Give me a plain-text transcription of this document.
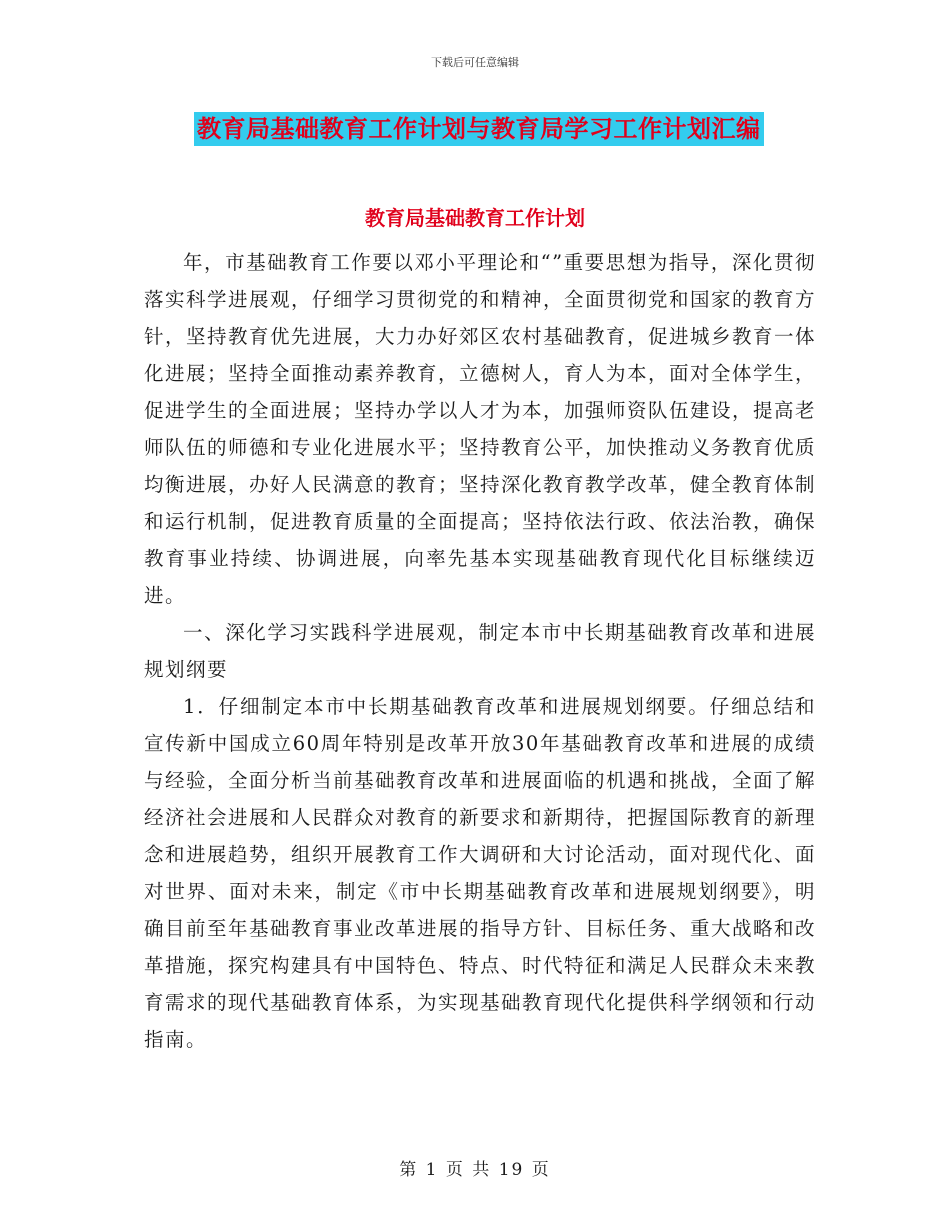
下载后可任意编辑
教育局基础教育工作计划与教育局学习工作计划汇编
教育局基础教育工作计划

年，市基础教育工作要以邓小平理论和“”重要思想为指导，深化贯彻落实科学进展观，仔细学习贯彻党的和精神，全面贯彻党和国家的教育方针，坚持教育优先进展，大力办好郊区农村基础教育，促进城乡教育一体化进展；坚持全面推动素养教育，立德树人，育人为本，面对全体学生，促进学生的全面进展；坚持办学以人才为本，加强师资队伍建设，提高老师队伍的师德和专业化进展水平；坚持教育公平，加快推动义务教育优质均衡进展，办好人民满意的教育；坚持深化教育教学改革，健全教育体制和运行机制，促进教育质量的全面提高；坚持依法行政、依法治教，确保教育事业持续、协调进展，向率先基本实现基础教育现代化目标继续迈进。

一、深化学习实践科学进展观，制定本市中长期基础教育改革和进展规划纲要

1．仔细制定本市中长期基础教育改革和进展规划纲要。仔细总结和宣传新中国成立60周年特别是改革开放30年基础教育改革和进展的成绩与经验，全面分析当前基础教育改革和进展面临的机遇和挑战，全面了解经济社会进展和人民群众对教育的新要求和新期待，把握国际教育的新理念和进展趋势，组织开展教育工作大调研和大讨论活动，面对现代化、面对世界、面对未来，制定《市中长期基础教育改革和进展规划纲要》，明确目前至年基础教育事业改革进展的指导方针、目标任务、重大战略和改革措施，探究构建具有中国特色、特点、时代特征和满足人民群众未来教育需求的现代基础教育体系，为实现基础教育现代化提供科学纲领和行动指南。

第 1 页 共 19 页
